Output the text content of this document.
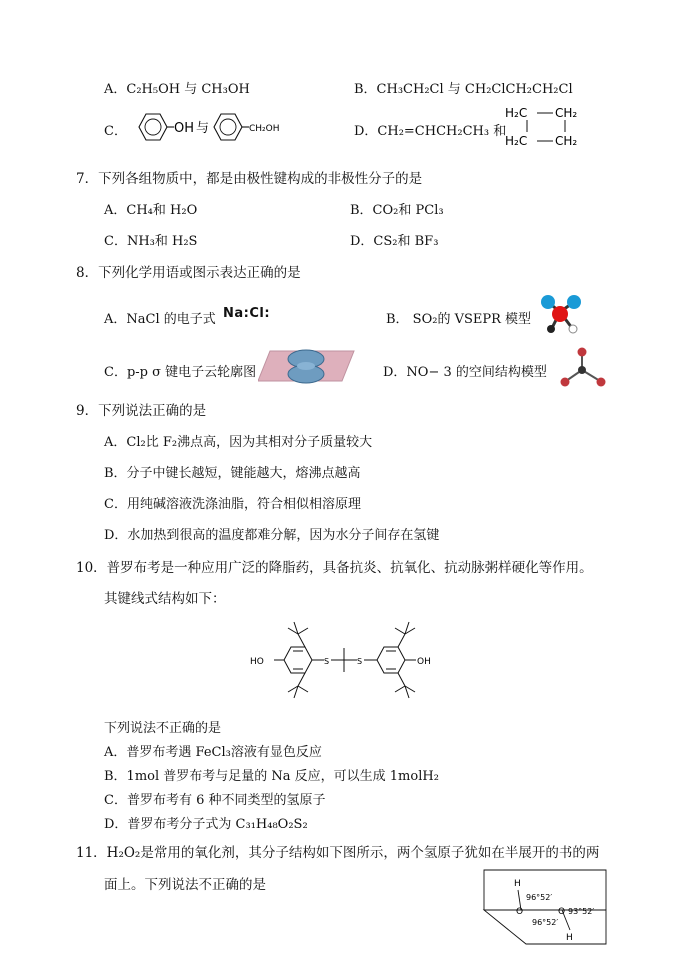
A．C₂H₅OH 与 CH₃OH	B．CH₃CH₂Cl 与 CH₂ClCH₂CH₂Cl
C．	OH 与	CH₂OH	D．CH₂=CHCH₂CH₃ 和
H₂C CH₂
H₂C CH₂
7．下列各组物质中，都是由极性键构成的非极性分子的是
A．CH₄和 H₂O	B．CO₂和 PCl₃
C．NH₃和 H₂S	D．CS₂和 BF₃
8．下列化学用语或图示表达正确的是
A．NaCl 的电子式 Na:Cl:	B． SO₂的 VSEPR 模型
C．p-p σ 键电子云轮廓图	D．NO− 3 的空间结构模型
9．下列说法正确的是
A．Cl₂比 F₂沸点高，因为其相对分子质量较大
B．分子中键长越短，键能越大，熔沸点越高
C．用纯碱溶液洗涤油脂，符合相似相溶原理
D．水加热到很高的温度都难分解，因为水分子间存在氢键
10．普罗布考是一种应用广泛的降脂药，具备抗炎、抗氧化、抗动脉粥样硬化等作用。
其键线式结构如下：
HO	S	S	OH
下列说法不正确的是
A．普罗布考遇 FeCl₃溶液有显色反应
B．1mol 普罗布考与足量的 Na 反应，可以生成 1molH₂
C．普罗布考有 6 种不同类型的氢原子
D．普罗布考分子式为 C₃₁H₄₈O₂S₂
11．H₂O₂是常用的氧化剂，其分子结构如下图所示，两个氢原子犹如在半展开的书的两
面上。下列说法不正确的是	H
96°52′
O	O 93°52′
96°52′
H
